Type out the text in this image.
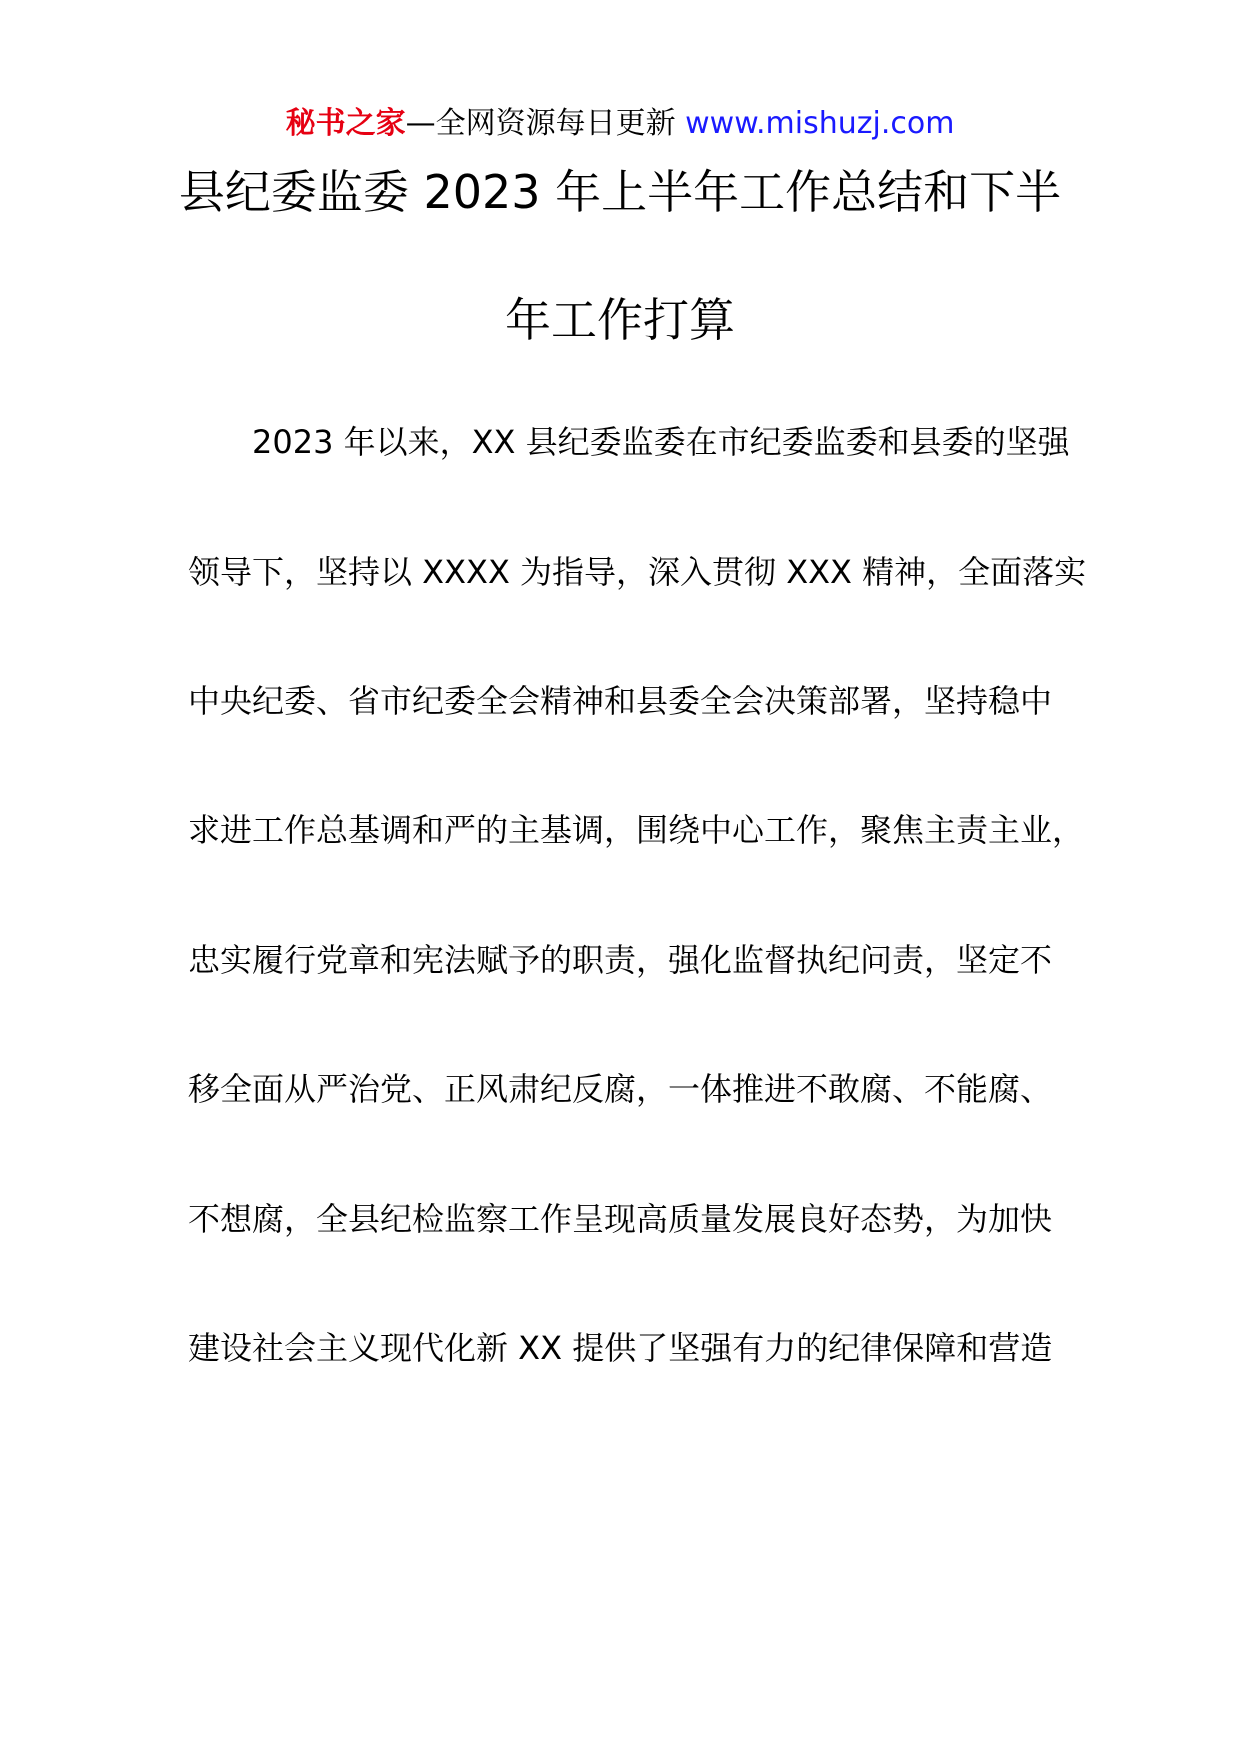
秘书之家—全网资源每日更新 www.mishuzj.com
县纪委监委 2023 年上半年工作总结和下半
年工作打算
2023 年以来，XX 县纪委监委在市纪委监委和县委的坚强
领导下，坚持以 XXXX 为指导，深入贯彻 XXX 精神，全面落实
中央纪委、省市纪委全会精神和县委全会决策部署，坚持稳中
求进工作总基调和严的主基调，围绕中心工作，聚焦主责主业，
忠实履行党章和宪法赋予的职责，强化监督执纪问责，坚定不
移全面从严治党、正风肃纪反腐，一体推进不敢腐、不能腐、
不想腐，全县纪检监察工作呈现高质量发展良好态势，为加快
建设社会主义现代化新 XX 提供了坚强有力的纪律保障和营造
